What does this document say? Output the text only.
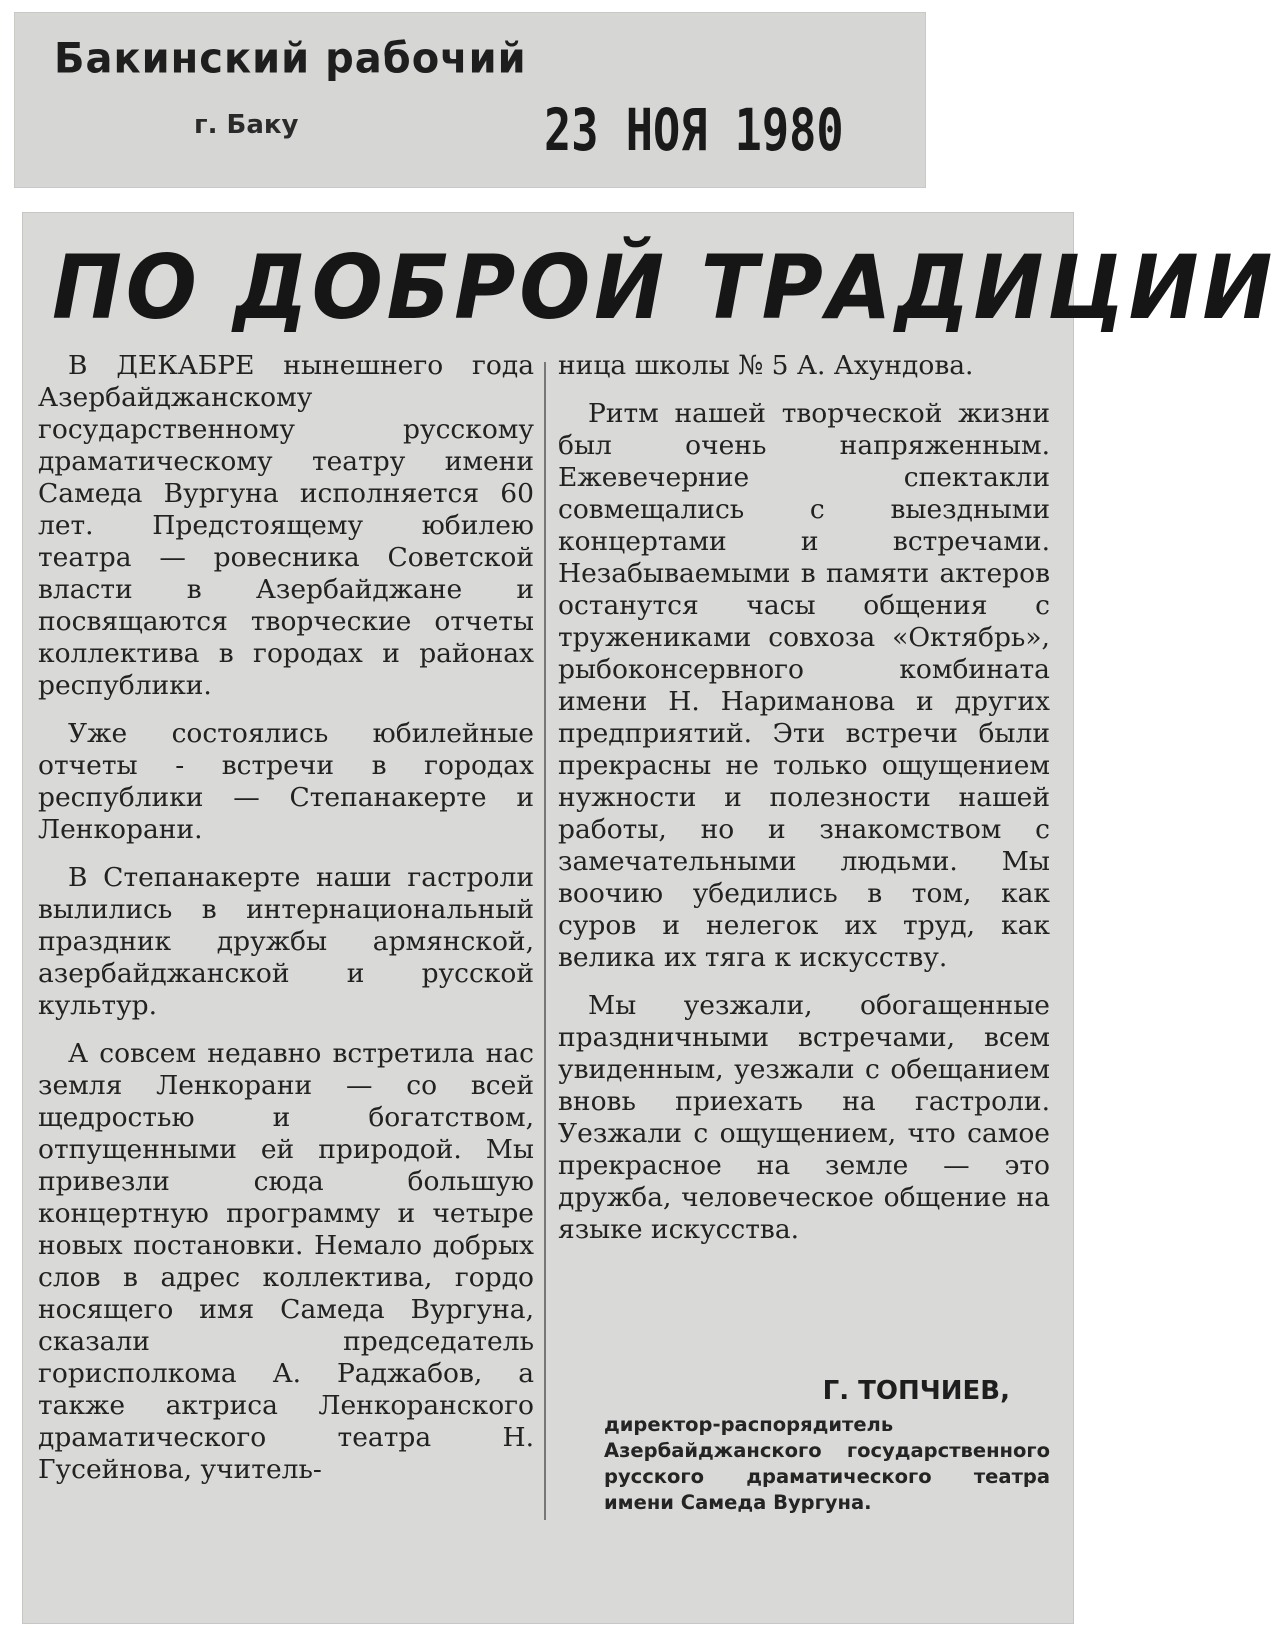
Бакинский рабочий
г. Баку	23 НОЯ 1980
ПО ДОБРОЙ ТРАДИЦИИ

В ДЕКАБРЕ нынешнего года Азербайджанскому государственному русскому драматическому театру имени Самеда Вургуна исполняется 60 лет. Предстоящему юбилею театра — ровесника Советской власти в Азербайджане и посвящаются творческие отчеты коллектива в городах и районах республики.

Уже состоялись юбилейные отчеты - встречи в городах республики — Степанакерте и Ленкорани.

В Степанакерте наши гастроли вылились в интернациональный праздник дружбы армянской, азербайджанской и русской культур.

А совсем недавно встретила нас земля Ленкорани — со всей щедростью и богатством, отпущенными ей природой. Мы привезли сюда большую концертную программу и четыре новых постановки. Немало добрых слов в адрес коллектива, гордо носящего имя Самеда Вургуна, сказали председатель горисполкома А. Раджабов, а также актриса Ленкоранского драматического театра Н. Гусейнова, учитель-

ница школы № 5 А. Ахундова.

Ритм нашей творческой жизни был очень напряженным. Ежевечерние спектакли совмещались с выездными концертами и встречами. Незабываемыми в памяти актеров останутся часы общения с тружениками совхоза «Октябрь», рыбоконсервного комбината имени Н. Нариманова и других предприятий. Эти встречи были прекрасны не только ощущением нужности и полезности нашей работы, но и знакомством с замечательными людьми. Мы воочию убедились в том, как суров и нелегок их труд, как велика их тяга к искусству.

Мы уезжали, обогащенные праздничными встречами, всем увиденным, уезжали с обещанием вновь приехать на гастроли. Уезжали с ощущением, что самое прекрасное на земле — это дружба, человеческое общение на языке искусства.

Г. ТОПЧИЕВ,
директор-распорядитель Азербайджанского государственного русского драматического театра имени Самеда Вургуна.
